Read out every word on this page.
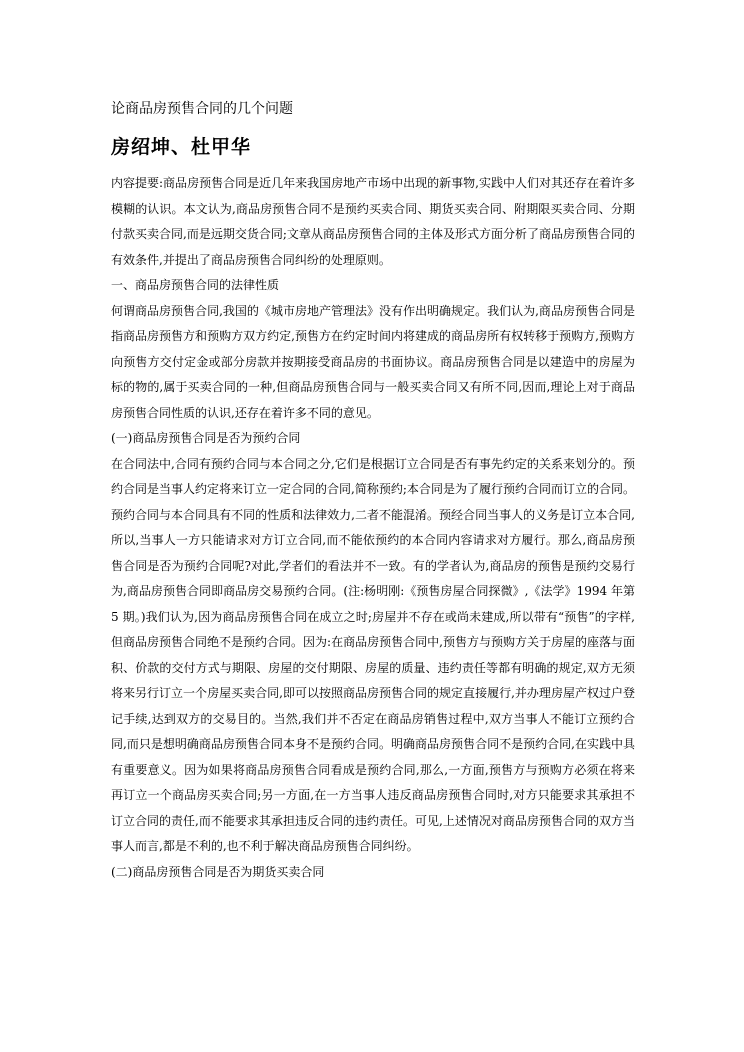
论商品房预售合同的几个问题
房绍坤、杜甲华

内容提要:商品房预售合同是近几年来我国房地产市场中出现的新事物,实践中人们对其还存在着许多模糊的认识。本文认为,商品房预售合同不是预约买卖合同、期货买卖合同、附期限买卖合同、分期付款买卖合同,而是远期交货合同;文章从商品房预售合同的主体及形式方面分析了商品房预售合同的有效条件,并提出了商品房预售合同纠纷的处理原则。

一、商品房预售合同的法律性质

何谓商品房预售合同,我国的《城市房地产管理法》没有作出明确规定。我们认为,商品房预售合同是指商品房预售方和预购方双方约定,预售方在约定时间内将建成的商品房所有权转移于预购方,预购方向预售方交付定金或部分房款并按期接受商品房的书面协议。商品房预售合同是以建造中的房屋为标的物的,属于买卖合同的一种,但商品房预售合同与一般买卖合同又有所不同,因而,理论上对于商品房预售合同性质的认识,还存在着许多不同的意见。

(一)商品房预售合同是否为预约合同

在合同法中,合同有预约合同与本合同之分,它们是根据订立合同是否有事先约定的关系来划分的。预约合同是当事人约定将来订立一定合同的合同,简称预约;本合同是为了履行预约合同而订立的合同。预约合同与本合同具有不同的性质和法律效力,二者不能混淆。预经合同当事人的义务是订立本合同,所以,当事人一方只能请求对方订立合同,而不能依预约的本合同内容请求对方履行。那么,商品房预售合同是否为预约合同呢?对此,学者们的看法并不一致。有的学者认为,商品房的预售是预约交易行为,商品房预售合同即商品房交易预约合同。(注:杨明刚:《预售房屋合同探微》,《法学》1994 年第 5 期。)我们认为,因为商品房预售合同在成立之时;房屋并不存在或尚未建成,所以带有“预售”的字样,但商品房预售合同绝不是预约合同。因为:在商品房预售合同中,预售方与预购方关于房屋的座落与面积、价款的交付方式与期限、房屋的交付期限、房屋的质量、违约责任等都有明确的规定,双方无须将来另行订立一个房屋买卖合同,即可以按照商品房预售合同的规定直接履行,并办理房屋产权过户登记手续,达到双方的交易目的。当然,我们并不否定在商品房销售过程中,双方当事人不能订立预约合同,而只是想明确商品房预售合同本身不是预约合同。明确商品房预售合同不是预约合同,在实践中具有重要意义。因为如果将商品房预售合同看成是预约合同,那么,一方面,预售方与预购方必须在将来再订立一个商品房买卖合同;另一方面,在一方当事人违反商品房预售合同时,对方只能要求其承担不订立合同的责任,而不能要求其承担违反合同的违约责任。可见,上述情况对商品房预售合同的双方当事人而言,都是不利的,也不利于解决商品房预售合同纠纷。

(二)商品房预售合同是否为期货买卖合同
